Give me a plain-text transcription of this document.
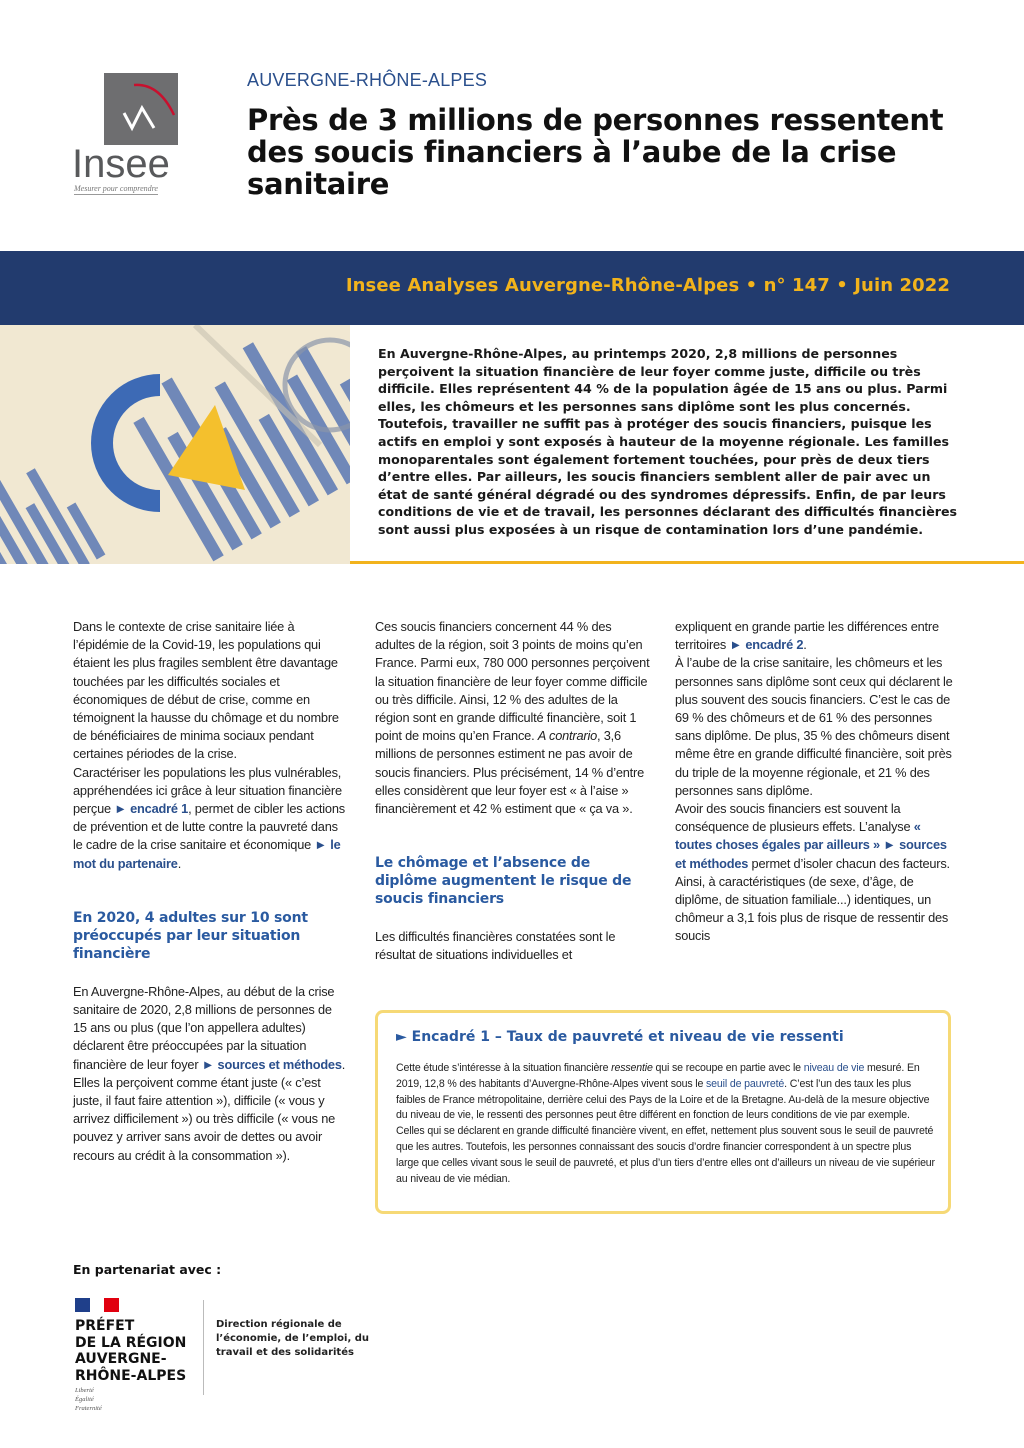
Insee
Mesurer pour comprendre
AUVERGNE-RHÔNE-ALPES
Près de 3 millions de personnes ressentent des soucis financiers à l’aube de la crise sanitaire
Insee Analyses Auvergne-Rhône-Alpes • n° 147 • Juin 2022

En Auvergne-Rhône-Alpes, au printemps 2020, 2,8 millions de personnes perçoivent la situation financière de leur foyer comme juste, difficile ou très difficile. Elles représentent 44 % de la population âgée de 15 ans ou plus. Parmi elles, les chômeurs et les personnes sans diplôme sont les plus concernés. Toutefois, travailler ne suffit pas à protéger des soucis financiers, puisque les actifs en emploi y sont exposés à hauteur de la moyenne régionale. Les familles monoparentales sont également fortement touchées, pour près de deux tiers d’entre elles. Par ailleurs, les soucis financiers semblent aller de pair avec un état de santé général dégradé ou des syndromes dépressifs. Enfin, de par leurs conditions de vie et de travail, les personnes déclarant des difficultés financières sont aussi plus exposées à un risque de contamination lors d’une pandémie.

Dans le contexte de crise sanitaire liée à l’épidémie de la Covid-19, les populations qui étaient les plus fragiles semblent être davantage touchées par les difficultés sociales et économiques de début de crise, comme en témoignent la hausse du chômage et du nombre de bénéficiaires de minima sociaux pendant certaines périodes de la crise.

Caractériser les populations les plus vulnérables, appréhendées ici grâce à leur situation financière perçue ► encadré 1, permet de cibler les actions de prévention et de lutte contre la pauvreté dans le cadre de la crise sanitaire et économique ► le mot du partenaire.

En 2020, 4 adultes sur 10 sont préoccupés par leur situation financière

En Auvergne-Rhône-Alpes, au début de la crise sanitaire de 2020, 2,8 millions de personnes de 15 ans ou plus (que l’on appellera adultes) déclarent être préoccupées par la situation financière de leur foyer ► sources et méthodes. Elles la perçoivent comme étant juste (« c’est juste, il faut faire attention »), difficile (« vous y arrivez difficilement ») ou très difficile (« vous ne pouvez y arriver sans avoir de dettes ou avoir recours au crédit à la consommation »).

Ces soucis financiers concernent 44 % des adultes de la région, soit 3 points de moins qu’en France. Parmi eux, 780 000 personnes perçoivent la situation financière de leur foyer comme difficile ou très difficile. Ainsi, 12 % des adultes de la région sont en grande difficulté financière, soit 1 point de moins qu’en France. A contrario, 3,6 millions de personnes estiment ne pas avoir de soucis financiers. Plus précisément, 14 % d’entre elles considèrent que leur foyer est « à l’aise » financièrement et 42 % estiment que « ça va ».

Le chômage et l’absence de diplôme augmentent le risque de soucis financiers

Les difficultés financières constatées sont le résultat de situations individuelles et

expliquent en grande partie les différences entre territoires ► encadré 2.

À l’aube de la crise sanitaire, les chômeurs et les personnes sans diplôme sont ceux qui déclarent le plus souvent des soucis financiers. C’est le cas de 69 % des chômeurs et de 61 % des personnes sans diplôme. De plus, 35 % des chômeurs disent même être en grande difficulté financière, soit près du triple de la moyenne régionale, et 21 % des personnes sans diplôme.

Avoir des soucis financiers est souvent la conséquence de plusieurs effets. L’analyse « toutes choses égales par ailleurs » ► sources et méthodes permet d’isoler chacun des facteurs. Ainsi, à caractéristiques (de sexe, d’âge, de diplôme, de situation familiale...) identiques, un chômeur a 3,1 fois plus de risque de ressentir des soucis

► Encadré 1 – Taux de pauvreté et niveau de vie ressenti

Cette étude s’intéresse à la situation financière ressentie qui se recoupe en partie avec le niveau de vie mesuré. En 2019, 12,8 % des habitants d’Auvergne-Rhône-Alpes vivent sous le seuil de pauvreté. C’est l’un des taux les plus faibles de France métropolitaine, derrière celui des Pays de la Loire et de la Bretagne. Au-delà de la mesure objective du niveau de vie, le ressenti des personnes peut être différent en fonction de leurs conditions de vie par exemple. Celles qui se déclarent en grande difficulté financière vivent, en effet, nettement plus souvent sous le seuil de pauvreté que les autres. Toutefois, les personnes connaissant des soucis d’ordre financier correspondent à un spectre plus large que celles vivant sous le seuil de pauvreté, et plus d’un tiers d’entre elles ont d’ailleurs un niveau de vie supérieur au niveau de vie médian.

En partenariat avec :
PRÉFET
DE LA RÉGION
AUVERGNE-
RHÔNE-ALPES
Liberté
Égalité
Fraternité
Direction régionale de l’économie, de l’emploi, du travail et des solidarités
